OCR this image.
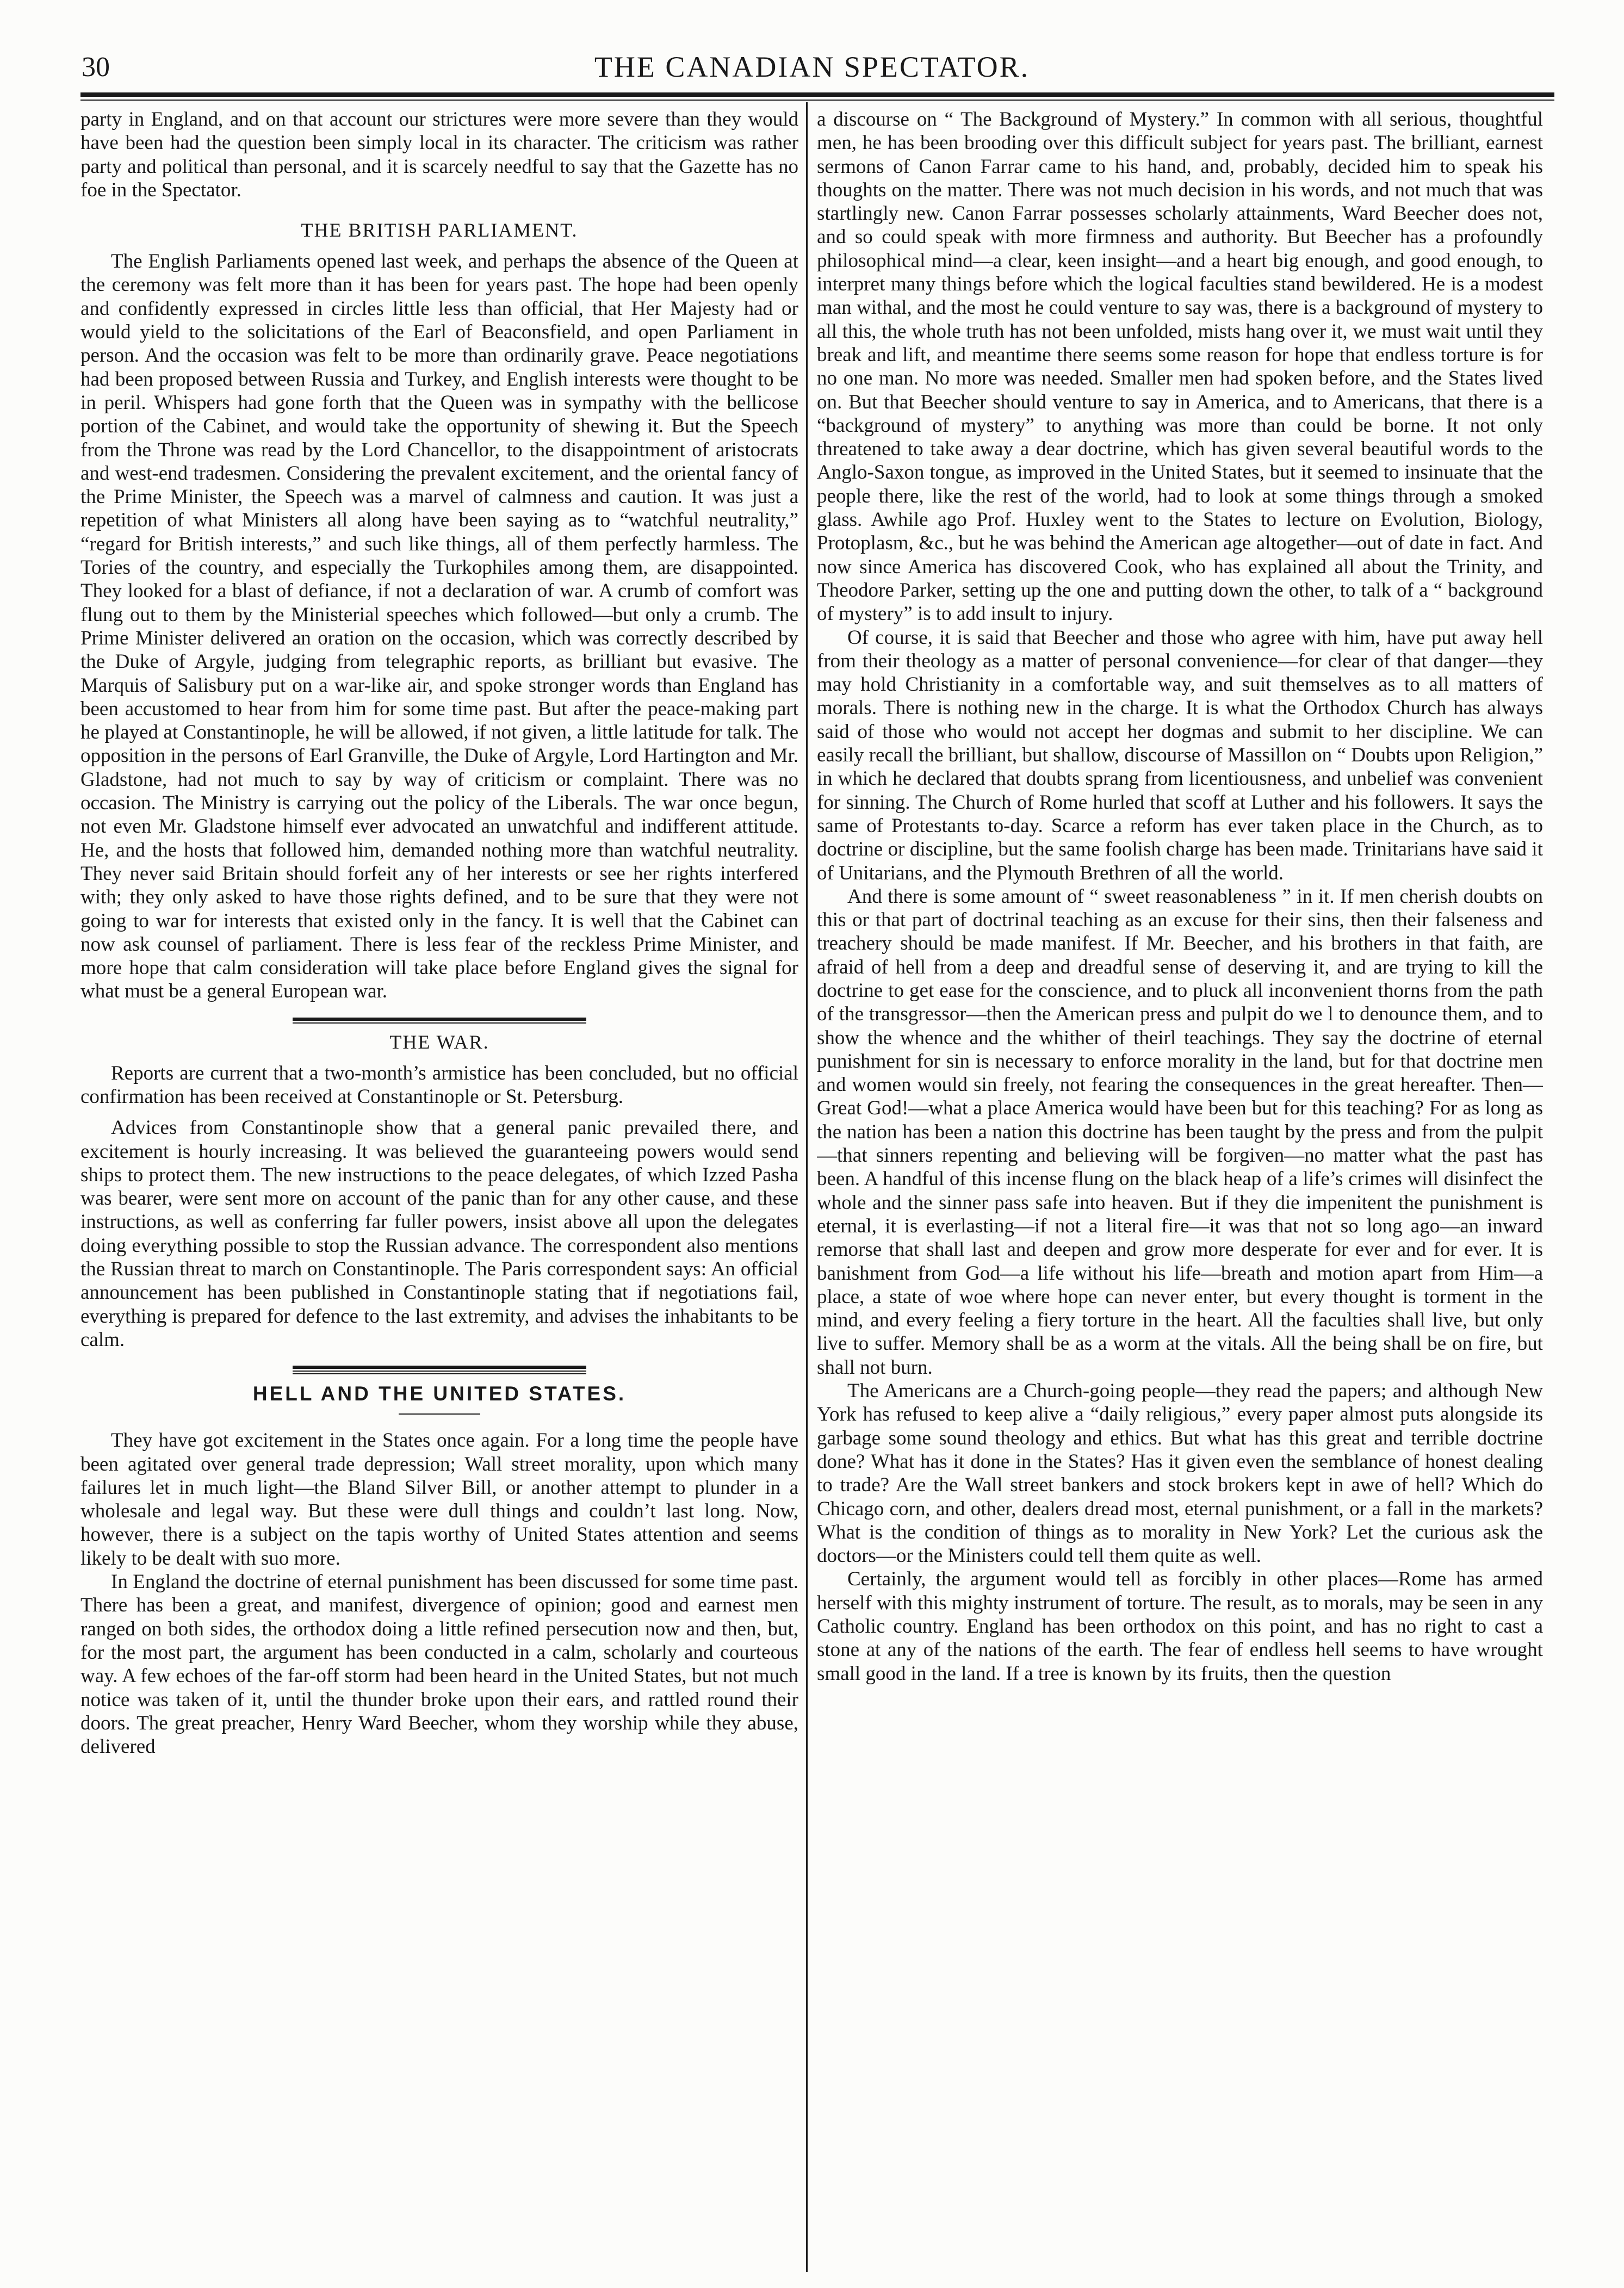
30	THE CANADIAN SPECTATOR.

party in England, and on that account our strictures were more severe than they would have been had the question been simply local in its character. The criticism was rather party and political than personal, and it is scarcely needful to say that the Gazette has no foe in the Spectator.

THE BRITISH PARLIAMENT.

The English Parliaments opened last week, and perhaps the absence of the Queen at the ceremony was felt more than it has been for years past. The hope had been openly and confidently expressed in circles little less than official, that Her Majesty had or would yield to the solicitations of the Earl of Beaconsfield, and open Parliament in person. And the occasion was felt to be more than ordinarily grave. Peace negotiations had been proposed between Russia and Turkey, and English interests were thought to be in peril. Whispers had gone forth that the Queen was in sympathy with the bellicose portion of the Cabinet, and would take the opportunity of shewing it. But the Speech from the Throne was read by the Lord Chancellor, to the disappointment of aristocrats and west-end tradesmen. Considering the prevalent excitement, and the oriental fancy of the Prime Minister, the Speech was a marvel of calmness and caution. It was just a repetition of what Ministers all along have been saying as to “watchful neutrality,” “regard for British interests,” and such like things, all of them perfectly harmless. The Tories of the country, and especially the Turkophiles among them, are disappointed. They looked for a blast of defiance, if not a declaration of war. A crumb of comfort was flung out to them by the Ministerial speeches which followed—but only a crumb. The Prime Minister delivered an oration on the occasion, which was correctly described by the Duke of Argyle, judging from telegraphic reports, as brilliant but evasive. The Marquis of Salisbury put on a war-like air, and spoke stronger words than England has been accustomed to hear from him for some time past. But after the peace-making part he played at Constantinople, he will be allowed, if not given, a little latitude for talk. The opposition in the persons of Earl Granville, the Duke of Argyle, Lord Hartington and Mr. Gladstone, had not much to say by way of criticism or complaint. There was no occasion. The Ministry is carrying out the policy of the Liberals. The war once begun, not even Mr. Gladstone himself ever advocated an unwatchful and indifferent attitude. He, and the hosts that followed him, demanded nothing more than watchful neutrality. They never said Britain should forfeit any of her interests or see her rights interfered with; they only asked to have those rights defined, and to be sure that they were not going to war for interests that existed only in the fancy. It is well that the Cabinet can now ask counsel of parliament. There is less fear of the reckless Prime Minister, and more hope that calm consideration will take place before England gives the signal for what must be a general European war.

THE WAR.

Reports are current that a two-month’s armistice has been concluded, but no official confirmation has been received at Constantinople or St. Petersburg.

Advices from Constantinople show that a general panic prevailed there, and excitement is hourly increasing. It was believed the guaranteeing powers would send ships to protect them. The new instructions to the peace delegates, of which Izzed Pasha was bearer, were sent more on account of the panic than for any other cause, and these instructions, as well as conferring far fuller powers, insist above all upon the delegates doing everything possible to stop the Russian advance. The correspondent also mentions the Russian threat to march on Constantinople. The Paris correspondent says: An official announcement has been published in Constantinople stating that if negotiations fail, everything is prepared for defence to the last extremity, and advises the inhabitants to be calm.

HELL AND THE UNITED STATES.

They have got excitement in the States once again. For a long time the people have been agitated over general trade depression; Wall street morality, upon which many failures let in much light—the Bland Silver Bill, or another attempt to plunder in a wholesale and legal way. But these were dull things and couldn’t last long. Now, however, there is a subject on the tapis worthy of United States attention and seems likely to be dealt with suo more.

In England the doctrine of eternal punishment has been discussed for some time past. There has been a great, and manifest, divergence of opinion; good and earnest men ranged on both sides, the orthodox doing a little refined persecution now and then, but, for the most part, the argument has been conducted in a calm, scholarly and courteous way. A few echoes of the far-off storm had been heard in the United States, but not much notice was taken of it, until the thunder broke upon their ears, and rattled round their doors. The great preacher, Henry Ward Beecher, whom they worship while they abuse, delivered

a discourse on “ The Background of Mystery.” In common with all serious, thoughtful men, he has been brooding over this difficult subject for years past. The brilliant, earnest sermons of Canon Farrar came to his hand, and, probably, decided him to speak his thoughts on the matter. There was not much decision in his words, and not much that was startlingly new. Canon Farrar possesses scholarly attainments, Ward Beecher does not, and so could speak with more firmness and authority. But Beecher has a profoundly philosophical mind—a clear, keen insight—and a heart big enough, and good enough, to interpret many things before which the logical faculties stand bewildered. He is a modest man withal, and the most he could venture to say was, there is a background of mystery to all this, the whole truth has not been unfolded, mists hang over it, we must wait until they break and lift, and meantime there seems some reason for hope that endless torture is for no one man. No more was needed. Smaller men had spoken before, and the States lived on. But that Beecher should venture to say in America, and to Americans, that there is a “background of mystery” to anything was more than could be borne. It not only threatened to take away a dear doctrine, which has given several beautiful words to the Anglo-Saxon tongue, as improved in the United States, but it seemed to insinuate that the people there, like the rest of the world, had to look at some things through a smoked glass. Awhile ago Prof. Huxley went to the States to lecture on Evolution, Biology, Protoplasm, &c., but he was behind the American age altogether—out of date in fact. And now since America has discovered Cook, who has explained all about the Trinity, and Theodore Parker, setting up the one and putting down the other, to talk of a “ background of mystery” is to add insult to injury.

Of course, it is said that Beecher and those who agree with him, have put away hell from their theology as a matter of personal convenience—for clear of that danger—they may hold Christianity in a comfortable way, and suit themselves as to all matters of morals. There is nothing new in the charge. It is what the Orthodox Church has always said of those who would not accept her dogmas and submit to her discipline. We can easily recall the brilliant, but shallow, discourse of Massillon on “ Doubts upon Religion,” in which he declared that doubts sprang from licentiousness, and unbelief was convenient for sinning. The Church of Rome hurled that scoff at Luther and his followers. It says the same of Protestants to-day. Scarce a reform has ever taken place in the Church, as to doctrine or discipline, but the same foolish charge has been made. Trinitarians have said it of Unitarians, and the Plymouth Brethren of all the world.

And there is some amount of “ sweet reasonableness ” in it. If men cherish doubts on this or that part of doctrinal teaching as an excuse for their sins, then their falseness and treachery should be made manifest. If Mr. Beecher, and his brothers in that faith, are afraid of hell from a deep and dreadful sense of deserving it, and are trying to kill the doctrine to get ease for the conscience, and to pluck all inconvenient thorns from the path of the transgressor—then the American press and pulpit do we l to denounce them, and to show the whence and the whither of theirl teachings. They say the doctrine of eternal punishment for sin is necessary to enforce morality in the land, but for that doctrine men and women would sin freely, not fearing the consequences in the great hereafter. Then—Great God!—what a place America would have been but for this teaching? For as long as the nation has been a nation this doctrine has been taught by the press and from the pulpit—that sinners repenting and believing will be forgiven—no matter what the past has been. A handful of this incense flung on the black heap of a life’s crimes will disinfect the whole and the sinner pass safe into heaven. But if they die impenitent the punishment is eternal, it is everlasting—if not a literal fire—it was that not so long ago—an inward remorse that shall last and deepen and grow more desperate for ever and for ever. It is banishment from God—a life without his life—breath and motion apart from Him—a place, a state of woe where hope can never enter, but every thought is torment in the mind, and every feeling a fiery torture in the heart. All the faculties shall live, but only live to suffer. Memory shall be as a worm at the vitals. All the being shall be on fire, but shall not burn.

The Americans are a Church-going people—they read the papers; and although New York has refused to keep alive a “daily religious,” every paper almost puts alongside its garbage some sound theology and ethics. But what has this great and terrible doctrine done? What has it done in the States? Has it given even the semblance of honest dealing to trade? Are the Wall street bankers and stock brokers kept in awe of hell? Which do Chicago corn, and other, dealers dread most, eternal punishment, or a fall in the markets? What is the condition of things as to morality in New York? Let the curious ask the doctors—or the Ministers could tell them quite as well.

Certainly, the argument would tell as forcibly in other places—Rome has armed herself with this mighty instrument of torture. The result, as to morals, may be seen in any Catholic country. England has been orthodox on this point, and has no right to cast a stone at any of the nations of the earth. The fear of endless hell seems to have wrought small good in the land. If a tree is known by its fruits, then the question
